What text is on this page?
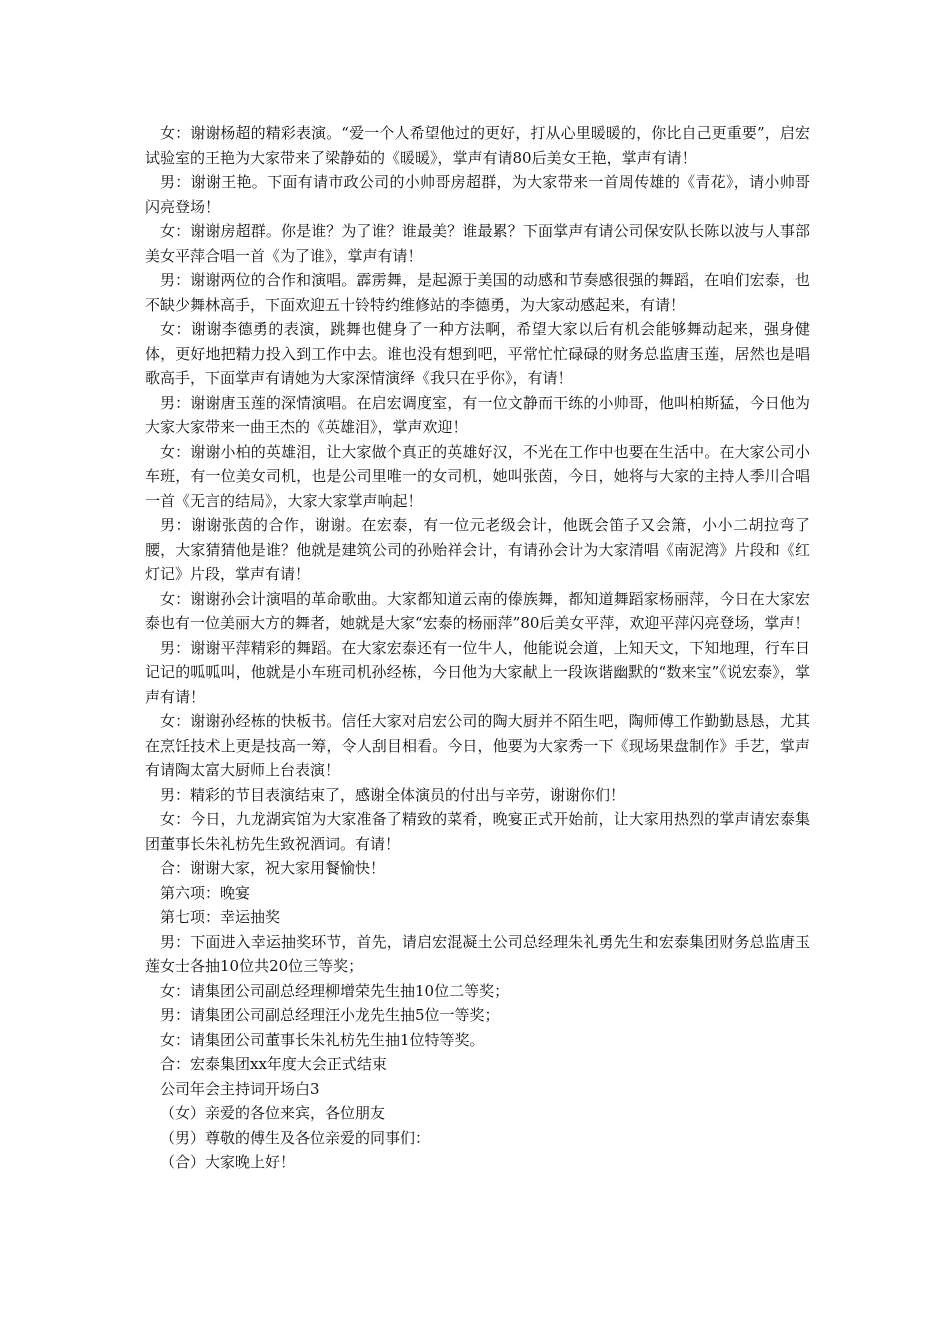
女：谢谢杨超的精彩表演。“爱一个人希望他过的更好，打从心里暖暖的，你比自己更重要”，启宏试验室的王艳为大家带来了梁静茹的《暖暖》，掌声有请80后美女王艳，掌声有请！

男：谢谢王艳。下面有请市政公司的小帅哥房超群，为大家带来一首周传雄的《青花》，请小帅哥闪亮登场！

女：谢谢房超群。你是谁？为了谁？谁最美？谁最累？下面掌声有请公司保安队长陈以波与人事部美女平萍合唱一首《为了谁》，掌声有请！

男：谢谢两位的合作和演唱。霹雳舞，是起源于美国的动感和节奏感很强的舞蹈，在咱们宏泰，也不缺少舞林高手，下面欢迎五十铃特约维修站的李德勇，为大家动感起来，有请！

女：谢谢李德勇的表演，跳舞也健身了一种方法啊，希望大家以后有机会能够舞动起来，强身健体，更好地把精力投入到工作中去。谁也没有想到吧，平常忙忙碌碌的财务总监唐玉莲，居然也是唱歌高手，下面掌声有请她为大家深情演绎《我只在乎你》，有请！

男：谢谢唐玉莲的深情演唱。在启宏调度室，有一位文静而干练的小帅哥，他叫柏斯猛，今日他为大家大家带来一曲王杰的《英雄泪》，掌声欢迎！

女：谢谢小柏的英雄泪，让大家做个真正的英雄好汉，不光在工作中也要在生活中。在大家公司小车班，有一位美女司机，也是公司里唯一的女司机，她叫张茵，今日，她将与大家的主持人季川合唱一首《无言的结局》，大家大家掌声响起！

男：谢谢张茵的合作，谢谢。在宏泰，有一位元老级会计，他既会笛子又会箫，小小二胡拉弯了腰，大家猜猜他是谁？他就是建筑公司的孙贻祥会计，有请孙会计为大家清唱《南泥湾》片段和《红灯记》片段，掌声有请！

女：谢谢孙会计演唱的革命歌曲。大家都知道云南的傣族舞，都知道舞蹈家杨丽萍，今日在大家宏泰也有一位美丽大方的舞者，她就是大家“宏泰的杨丽萍”80后美女平萍，欢迎平萍闪亮登场，掌声！

男：谢谢平萍精彩的舞蹈。在大家宏泰还有一位牛人，他能说会道，上知天文，下知地理，行车日记记的呱呱叫，他就是小车班司机孙经栋，今日他为大家献上一段诙谐幽默的“数来宝”《说宏泰》，掌声有请！

女：谢谢孙经栋的快板书。信任大家对启宏公司的陶大厨并不陌生吧，陶师傅工作勤勤恳恳，尤其在烹饪技术上更是技高一筹，令人刮目相看。今日，他要为大家秀一下《现场果盘制作》手艺，掌声有请陶太富大厨师上台表演！

男：精彩的节目表演结束了，感谢全体演员的付出与辛劳，谢谢你们！

女：今日，九龙湖宾馆为大家准备了精致的菜肴，晚宴正式开始前，让大家用热烈的掌声请宏泰集团董事长朱礼枋先生致祝酒词。有请！

合：谢谢大家，祝大家用餐愉快！

第六项：晚宴

第七项：幸运抽奖

男：下面进入幸运抽奖环节，首先，请启宏混凝土公司总经理朱礼勇先生和宏泰集团财务总监唐玉莲女士各抽10位共20位三等奖；

女：请集团公司副总经理柳增荣先生抽10位二等奖；

男：请集团公司副总经理汪小龙先生抽5位一等奖；

女：请集团公司董事长朱礼枋先生抽1位特等奖。

合：宏泰集团xx年度大会正式结束

公司年会主持词开场白3

（女）亲爱的各位来宾，各位朋友

（男）尊敬的傅生及各位亲爱的同事们：

（合）大家晚上好！
